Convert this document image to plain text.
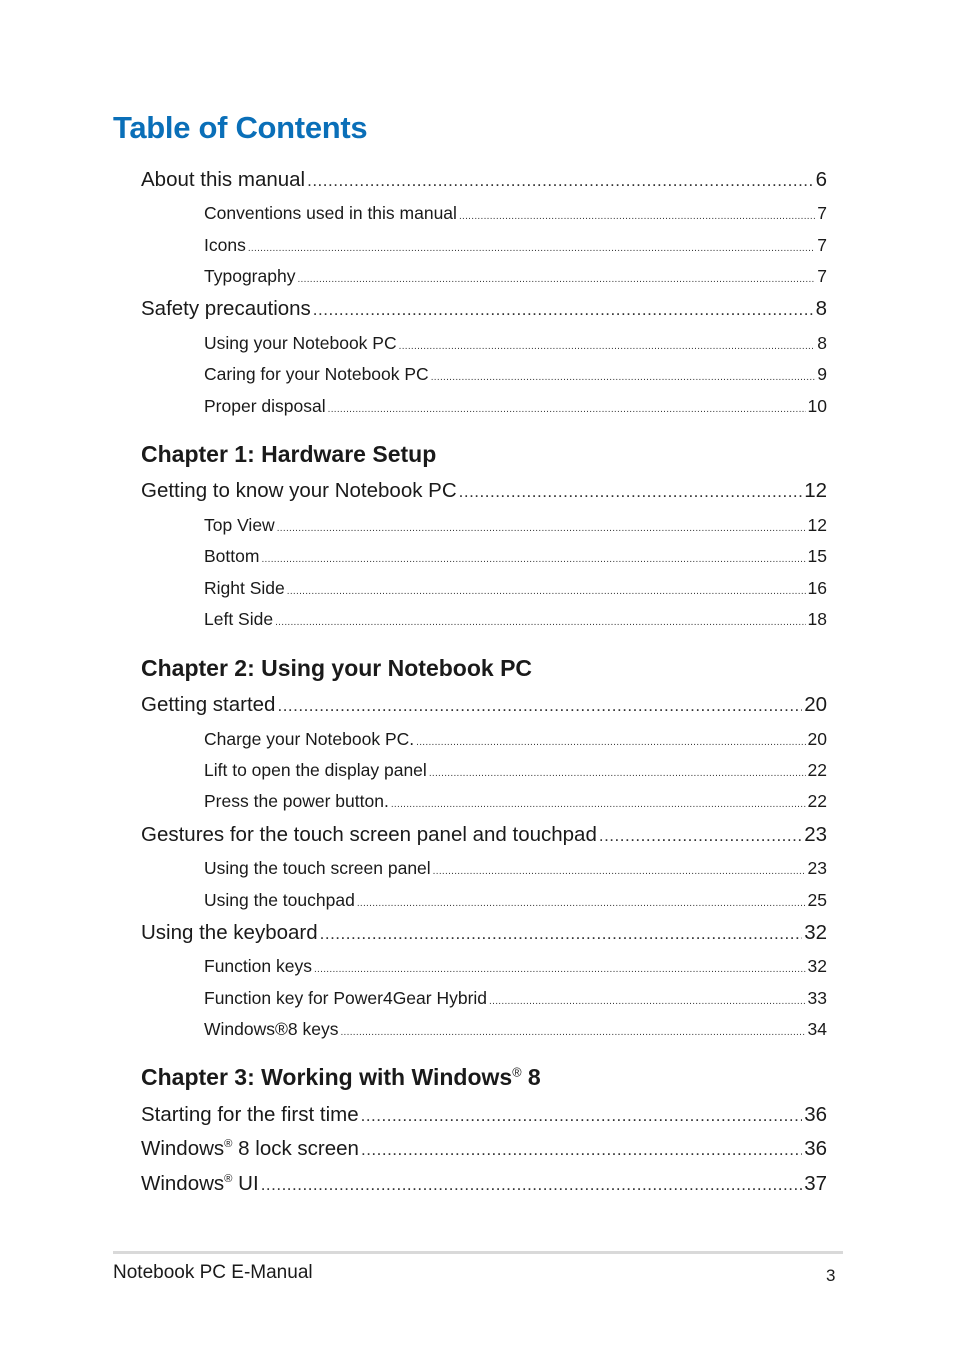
Table of Contents
About this manual .....	6
Conventions used in this manual .....	7
Icons .....	7
Typography .....	7
Safety precautions .....	8
Using your Notebook PC .....	8
Caring for your Notebook PC .....	9
Proper disposal .....	10
Chapter 1: Hardware Setup
Getting to know your Notebook PC .....	12
Top View .....	12
Bottom .....	15
Right Side .....	16
Left Side .....	18
Chapter 2: Using your Notebook PC
Getting started .....	20
Charge your Notebook PC. .....	20
Lift to open the display panel .....	22
Press the power button. .....	22
Gestures for the touch screen panel and touchpad .....	23
Using the touch screen panel .....	23
Using the touchpad .....	25
Using the keyboard .....	32
Function keys .....	32
Function key for Power4Gear Hybrid .....	33
Windows®8 keys .....	34
Chapter 3: Working with Windows® 8
Starting for the first time .....	36
Windows® 8 lock screen .....	36
Windows® UI .....	37
Notebook PC E-Manual	3
